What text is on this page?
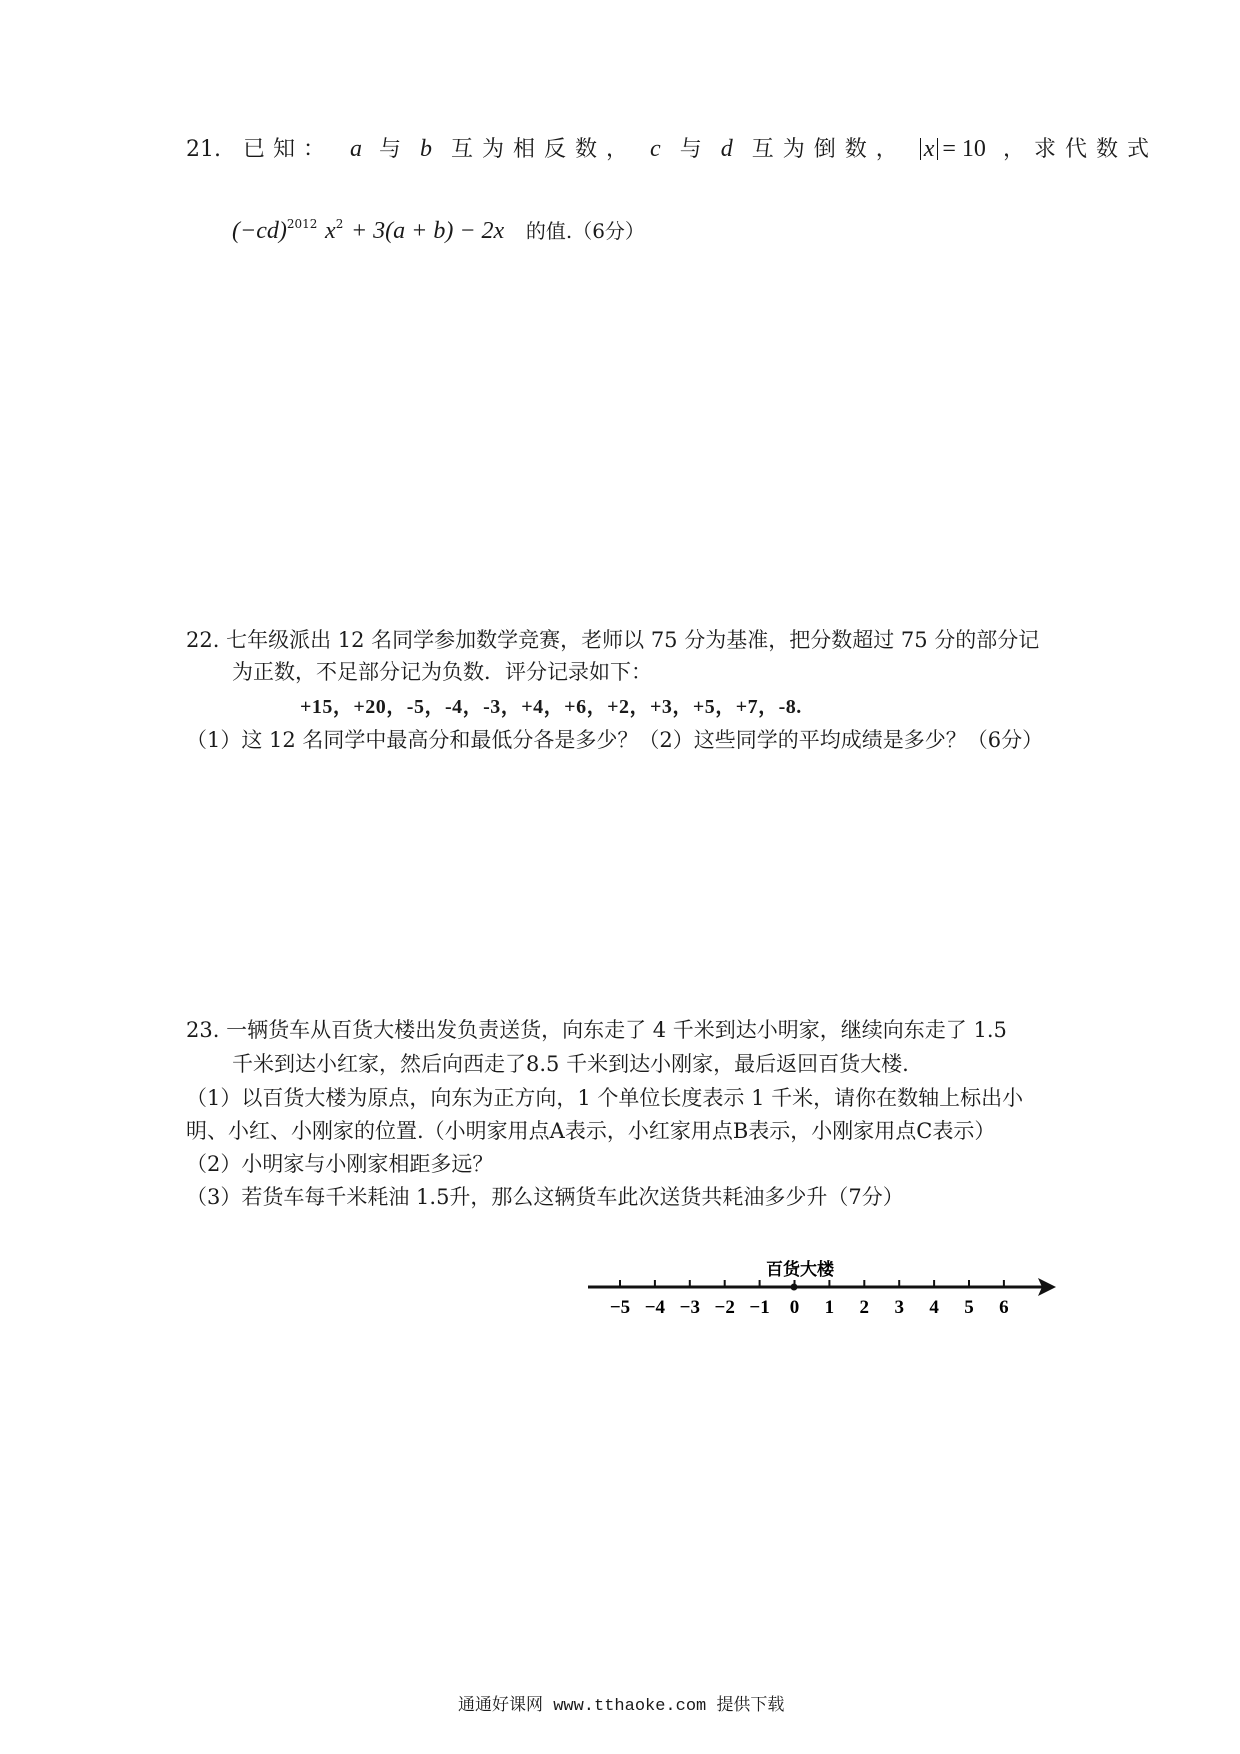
21. 已知： a 与 b 互为相反数， c 与 d 互为倒数， x = 10 ，求代数式
$(-cd)^{2012}$ $x^2 + 3(a + b) - 2x$ 的值.（6分）
22. 七年级派出 12 名同学参加数学竞赛，老师以 75 分为基准，把分数超过 75 分的部分记
为正数，不足部分记为负数．评分记录如下：
+15，+20，-5，-4，-3，+4，+6，+2，+3，+5，+7，-8.
（1）这 12 名同学中最高分和最低分各是多少？（2）这些同学的平均成绩是多少？（6分）
23. 一辆货车从百货大楼出发负责送货，向东走了 4 千米到达小明家，继续向东走了 1.5
千米到达小红家，然后向西走了8.5 千米到达小刚家，最后返回百货大楼.
（1）以百货大楼为原点，向东为正方向，1 个单位长度表示 1 千米，请你在数轴上标出小
明、小红、小刚家的位置.（小明家用点A表示，小红家用点B表示，小刚家用点C表示）
（2）小明家与小刚家相距多远？
（3）若货车每千米耗油 1.5升，那么这辆货车此次送货共耗油多少升（7分）
百货大楼
−5 −4 −3 −2 −1 0 1 2 3 4 5 6
通通好课网 www.tthaoke.com 提供下载
